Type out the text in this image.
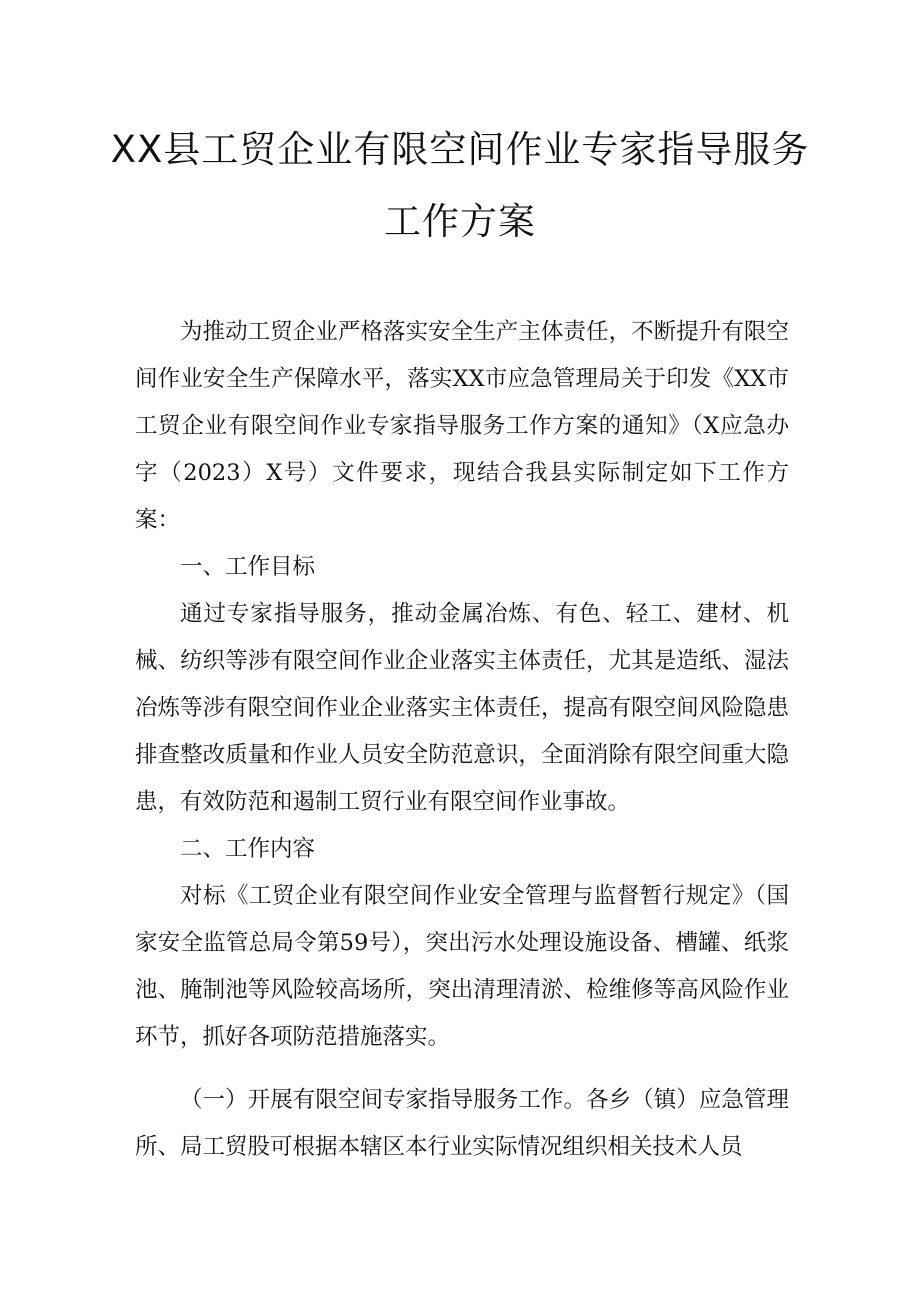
XX县工贸企业有限空间作业专家指导服务
工作方案

为推动工贸企业严格落实安全生产主体责任，不断提升有限空间作业安全生产保障水平，落实XX市应急管理局关于印发《XX市工贸企业有限空间作业专家指导服务工作方案的通知》（X应急办字（2023）X号）文件要求，现结合我县实际制定如下工作方案：

一、工作目标

通过专家指导服务，推动金属冶炼、有色、轻工、建材、机械、纺织等涉有限空间作业企业落实主体责任，尤其是造纸、湿法冶炼等涉有限空间作业企业落实主体责任，提高有限空间风险隐患排查整改质量和作业人员安全防范意识，全面消除有限空间重大隐患，有效防范和遏制工贸行业有限空间作业事故。

二、工作内容

对标《工贸企业有限空间作业安全管理与监督暂行规定》（国家安全监管总局令第59号），突出污水处理设施设备、槽罐、纸浆池、腌制池等风险较高场所，突出清理清淤、检维修等高风险作业环节，抓好各项防范措施落实。

（一）开展有限空间专家指导服务工作。各乡（镇）应急管理所、局工贸股可根据本辖区本行业实际情况组织相关技术人员
